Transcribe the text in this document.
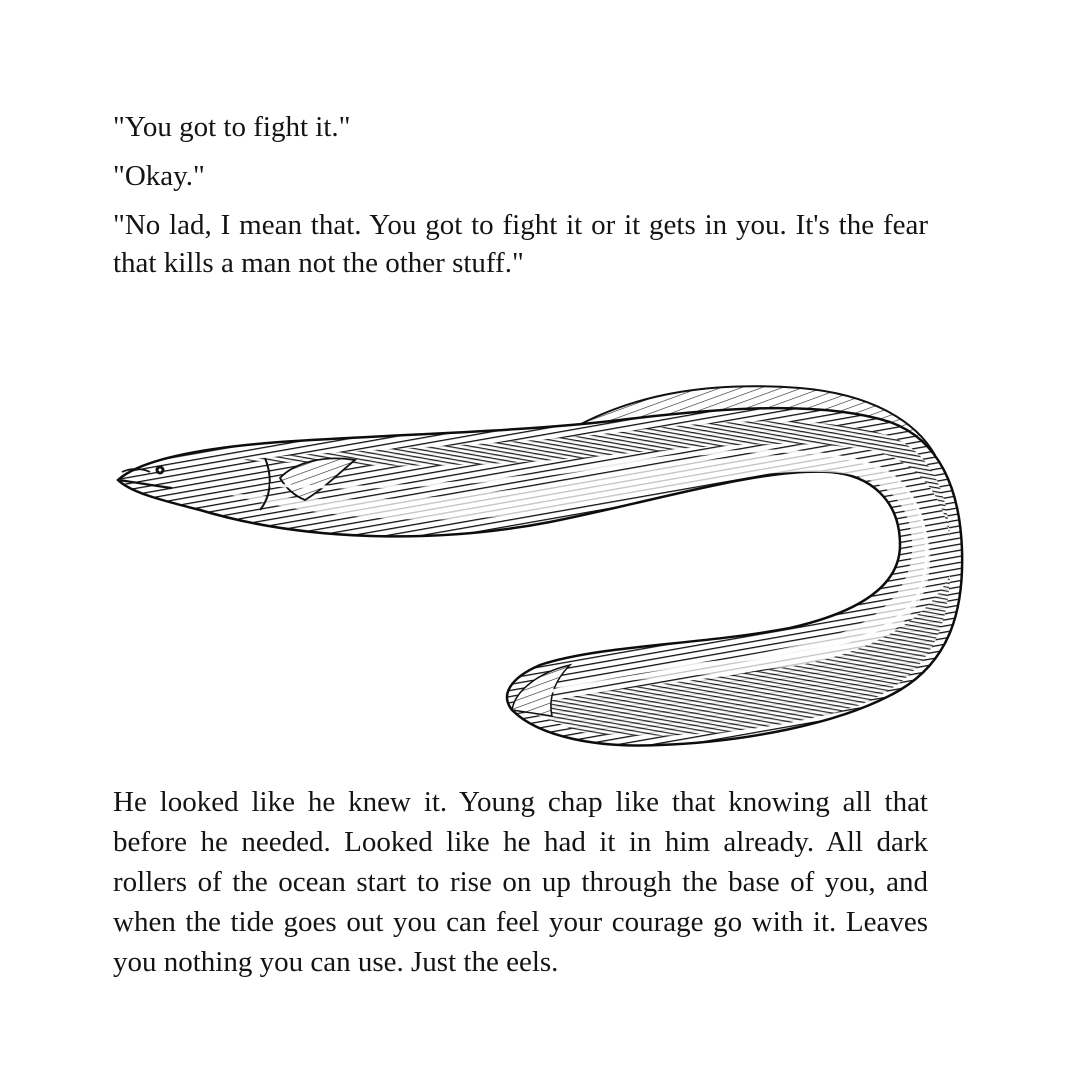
"You got to fight it."

"Okay."

"No lad, I mean that. You got to fight it or it gets in you. It's the fear that kills a man not the other stuff."

He looked like he knew it. Young chap like that knowing all that before he needed. Looked like he had it in him already. All dark rollers of the ocean start to rise on up through the base of you, and when the tide goes out you can feel your courage go with it. Leaves you nothing you can use. Just the eels.
